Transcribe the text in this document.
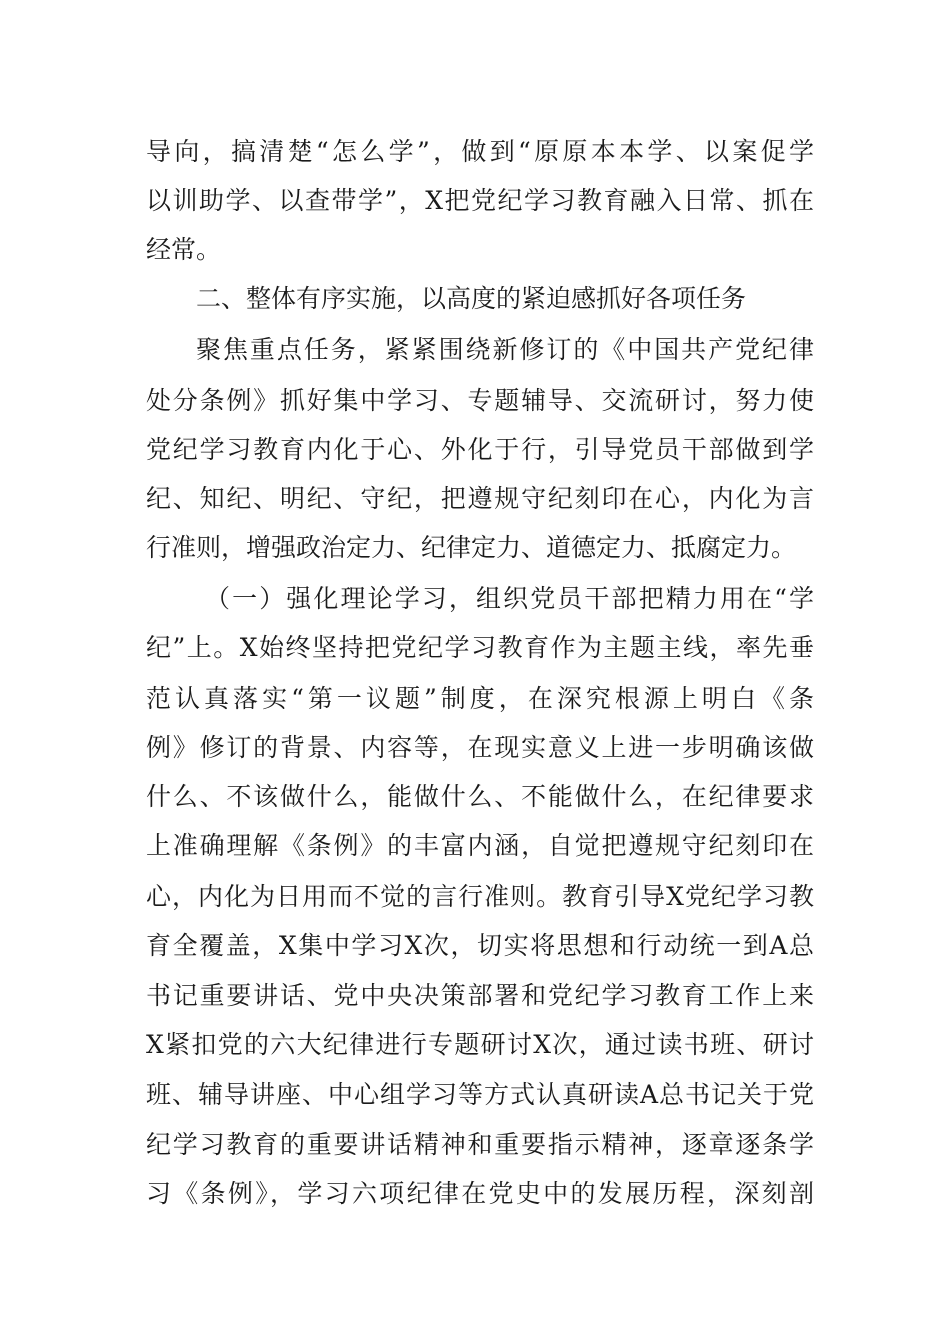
导向，搞清楚“怎么学”，做到“原原本本学、以案促学
以训助学、以查带学”，X把党纪学习教育融入日常、抓在
经常。
二、整体有序实施，以高度的紧迫感抓好各项任务
聚焦重点任务，紧紧围绕新修订的《中国共产党纪律
处分条例》抓好集中学习、专题辅导、交流研讨，努力使
党纪学习教育内化于心、外化于行，引导党员干部做到学
纪、知纪、明纪、守纪，把遵规守纪刻印在心，内化为言
行准则，增强政治定力、纪律定力、道德定力、抵腐定力。
（一）强化理论学习，组织党员干部把精力用在“学
纪”上。X始终坚持把党纪学习教育作为主题主线，率先垂
范认真落实“第一议题”制度，在深究根源上明白《条
例》修订的背景、内容等，在现实意义上进一步明确该做
什么、不该做什么，能做什么、不能做什么，在纪律要求
上准确理解《条例》的丰富内涵，自觉把遵规守纪刻印在
心，内化为日用而不觉的言行准则。教育引导X党纪学习教
育全覆盖，X集中学习X次，切实将思想和行动统一到A总
书记重要讲话、党中央决策部署和党纪学习教育工作上来
X紧扣党的六大纪律进行专题研讨X次，通过读书班、研讨
班、辅导讲座、中心组学习等方式认真研读A总书记关于党
纪学习教育的重要讲话精神和重要指示精神，逐章逐条学
习《条例》，学习六项纪律在党史中的发展历程，深刻剖
